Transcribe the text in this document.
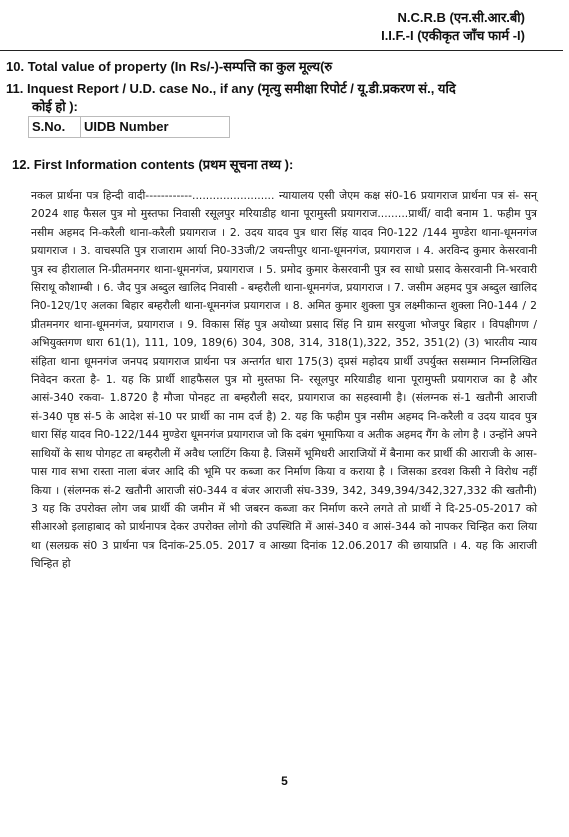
N.C.R.B (एन.सी.आर.बी)
I.I.F.-I (एकीकृत जाँच फार्म -I)
10. Total value of property (In Rs/-)-सम्पत्ति का कुल मूल्य(रु
11. Inquest Report / U.D. case No., if any (मृत्यु समीक्षा रिपोर्ट / यू.डी.प्रकरण सं., यदि
कोई हो ):
S.No.	UIDB Number
12. First Information contents (प्रथम सूचना तथ्य ):
नकल प्रार्थना पत्र हिन्दी वादी------------........................ न्यायालय एसी जेएम कक्ष सं0-16 प्रयागराज प्रार्थना पत्र सं- सन् 2024 शाह फैसल पुत्र मो मुस्तफा निवासी रसूलपुर मरियाडीह थाना पूरामुस्ती प्रयागराज.........प्रार्थी/ वादी बनाम 1. फहीम पुत्र नसीम अहमद नि-करैली थाना-करैली प्रयागराज । 2. उदय यादव पुत्र धारा सिंह यादव नि0-122 /144 मुण्डेरा थाना-धूमनगंज प्रयागराज । 3. वाचस्पति पुत्र राजाराम आर्या नि0-33जी/2 जयन्तीपुर थाना-धूमनगंज, प्रयागराज । 4. अरविन्द कुमार केसरवानी पुत्र स्व हीरालाल नि-प्रीतमनगर थाना-धूमनगंज, प्रयागराज । 5. प्रमोद कुमार केसरवानी पुत्र स्व साधो प्रसाद केसरवानी नि-भरवारी सिराथू कौशाम्बी । 6. जैद पुत्र अब्दुल खालिद निवासी - बम्हरौली थाना-धूमनगंज, प्रयागराज । 7. जसीम अहमद पुत्र अब्दुल खालिद नि0-12ए/1ए अलका बिहार बम्हरौली थाना-धूमनगंज प्रयागराज । 8. अमित कुमार शुक्ला पुत्र लक्ष्मीकान्त शुक्ला नि0-144 / 2 प्रीतमनगर थाना-धूमनगंज, प्रयागराज । 9. विकास सिंह पुत्र अयोध्या प्रसाद सिंह नि ग्राम सरयुजा भोजपुर बिहार । विपक्षीगण / अभियुक्तगण धारा 61(1), 111, 109, 189(6) 304, 308, 314, 318(1),322, 352, 351(2) (3) भारतीय न्याय संहिता थाना धूमनगंज जनपद प्रयागराज प्रार्थना पत्र अन्तर्गत धारा 175(3) द्प्रसं महोदय प्रार्थी उपर्युक्त ससम्मान निम्नलिखित निवेदन करता है- 1. यह कि प्रार्थी शाहफैसल पुत्र मो मुस्तफा नि- रसूलपुर मरियाडीह थाना पूरामुफ्ती प्रयागराज का है और आसं-340 रकवा- 1.8720 है मौजा पोनहट ता बम्हरौली सदर, प्रयागराज का सहस्वामी है। (संलग्नक सं-1 खतौनी आराजी सं-340 पृष्ठ सं-5 के आदेश सं-10 पर प्रार्थी का नाम दर्ज है) 2. यह कि फहीम पुत्र नसीम अहमद नि-करैली व उदय यादव पुत्र धारा सिंह यादव नि0-122/144 मुण्डेरा धूमनगंज प्रयागराज जो कि दबंग भूमाफिया व अतीक अहमद गैंग के लोग है । उन्होंने अपने साथियों के साथ पोगहट ता बम्हरौली में अवैध प्लाटिंग किया है. जिसमें भूमिधरी आराजियों में बैनामा कर प्रार्थी की आराजी के आस-पास गाव सभा रास्ता नाला बंजर आदि की भूमि पर कब्जा कर निर्माण किया व कराया है । जिसका डरवश किसी ने विरोध नहीं किया । (संलग्नक सं-2 खतौनी आराजी सं0-344 व बंजर आराजी संघ-339, 342, 349,394/342,327,332 की खतौनी) 3 यह कि उपरोक्त लोग जब प्रार्थी की जमीन में भी जबरन कब्जा कर निर्माण करने लगते तो प्रार्थी ने दि-25-05-2017 को सीआरओ इलाहाबाद को प्रार्थनापत्र देकर उपरोक्त लोगो की उपस्थिति में आसं-340 व आसं-344 को नापकर चिन्हित करा लिया था (सलग्रक सं0 3 प्रार्थना पत्र दिनांक-25.05. 2017 व आख्या दिनांक 12.06.2017 की छायाप्रति । 4. यह कि आराजी चिन्हित हो
5
